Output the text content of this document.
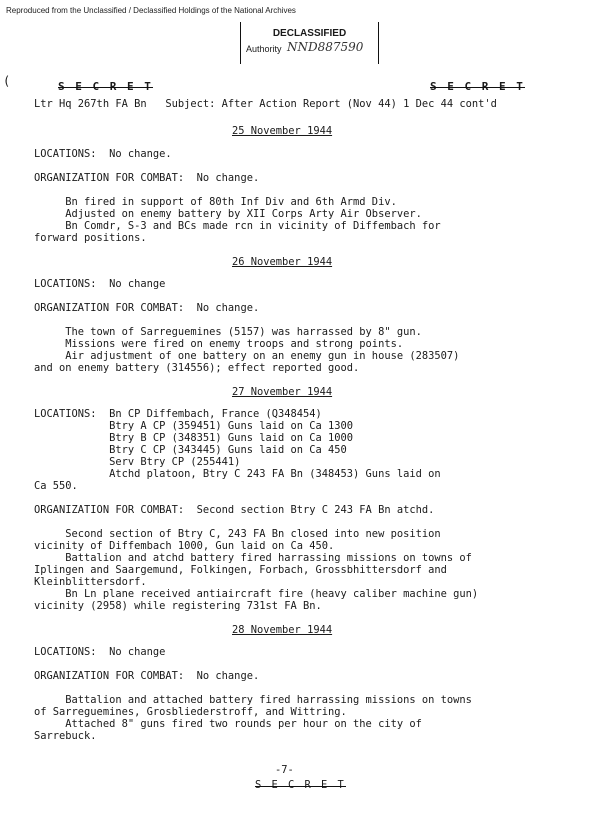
Reproduced from the Unclassified / Declassified Holdings of the National Archives
DECLASSIFIED
Authority NND887590
(	S E C R E T	S E C R E T
Ltr Hq 267th FA Bn   Subject: After Action Report (Nov 44) 1 Dec 44 cont'd
25 November 1944
LOCATIONS:  No change.
ORGANIZATION FOR COMBAT:  No change.
Bn fired in support of 80th Inf Div and 6th Armd Div.
Adjusted on enemy battery by XII Corps Arty Air Observer.
Bn Comdr, S-3 and BCs made rcn in vicinity of Diffembach for
forward positions.
26 November 1944
LOCATIONS:  No change
ORGANIZATION FOR COMBAT:  No change.
The town of Sarreguemines (5157) was harrassed by 8" gun.
Missions were fired on enemy troops and strong points.
Air adjustment of one battery on an enemy gun in house (283507)
and on enemy battery (314556); effect reported good.
27 November 1944
LOCATIONS:  Bn CP Diffembach, France (Q348454)
Btry A CP (359451) Guns laid on Ca 1300
Btry B CP (348351) Guns laid on Ca 1000
Btry C CP (343445) Guns laid on Ca 450
Serv Btry CP (255441)
Atchd platoon, Btry C 243 FA Bn (348453) Guns laid on
Ca 550.
ORGANIZATION FOR COMBAT:  Second section Btry C 243 FA Bn atchd.
Second section of Btry C, 243 FA Bn closed into new position
vicinity of Diffembach 1000, Gun laid on Ca 450.
Battalion and atchd battery fired harrassing missions on towns of
Iplingen and Saargemund, Folkingen, Forbach, Grossbhittersdorf and
Kleinblittersdorf.
Bn Ln plane received antiaircraft fire (heavy caliber machine gun)
vicinity (2958) while registering 731st FA Bn.
28 November 1944
LOCATIONS:  No change
ORGANIZATION FOR COMBAT:  No change.
Battalion and attached battery fired harrassing missions on towns
of Sarreguemines, Grosbliederstroff, and Wittring.
Attached 8" guns fired two rounds per hour on the city of
Sarrebuck.
-7-
S E C R E T
